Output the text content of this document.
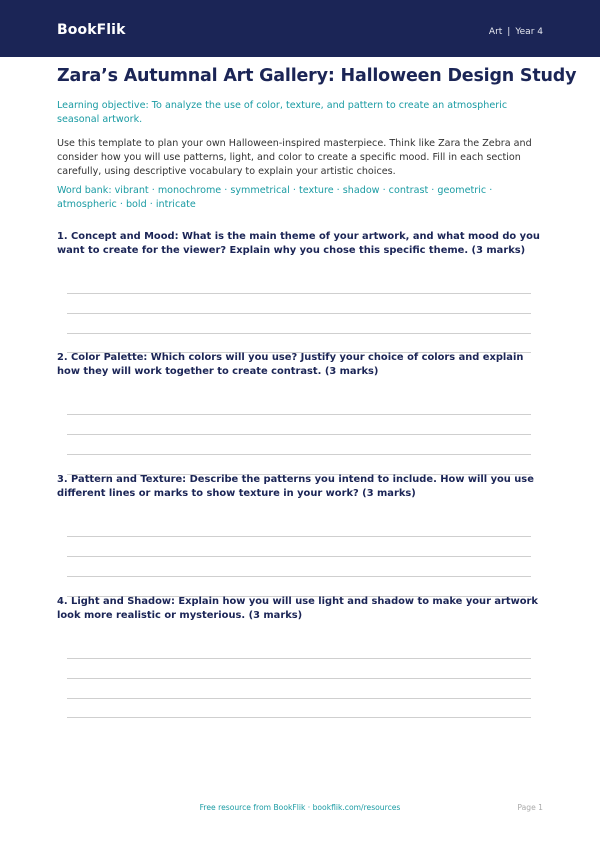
BookFlik	Art | Year 4
Zara’s Autumnal Art Gallery: Halloween Design Study
Learning objective: To analyze the use of color, texture, and pattern to create an atmospheric seasonal artwork.
Use this template to plan your own Halloween-inspired masterpiece. Think like Zara the Zebra and consider how you will use patterns, light, and color to create a specific mood. Fill in each section carefully, using descriptive vocabulary to explain your artistic choices.
Word bank: vibrant · monochrome · symmetrical · texture · shadow · contrast · geometric · atmospheric · bold · intricate
1. Concept and Mood: What is the main theme of your artwork, and what mood do you want to create for the viewer? Explain why you chose this specific theme. (3 marks)
2. Color Palette: Which colors will you use? Justify your choice of colors and explain how they will work together to create contrast. (3 marks)
3. Pattern and Texture: Describe the patterns you intend to include. How will you use different lines or marks to show texture in your work? (3 marks)
4. Light and Shadow: Explain how you will use light and shadow to make your artwork look more realistic or mysterious. (3 marks)
Free resource from BookFlik · bookflik.com/resources	Page 1
